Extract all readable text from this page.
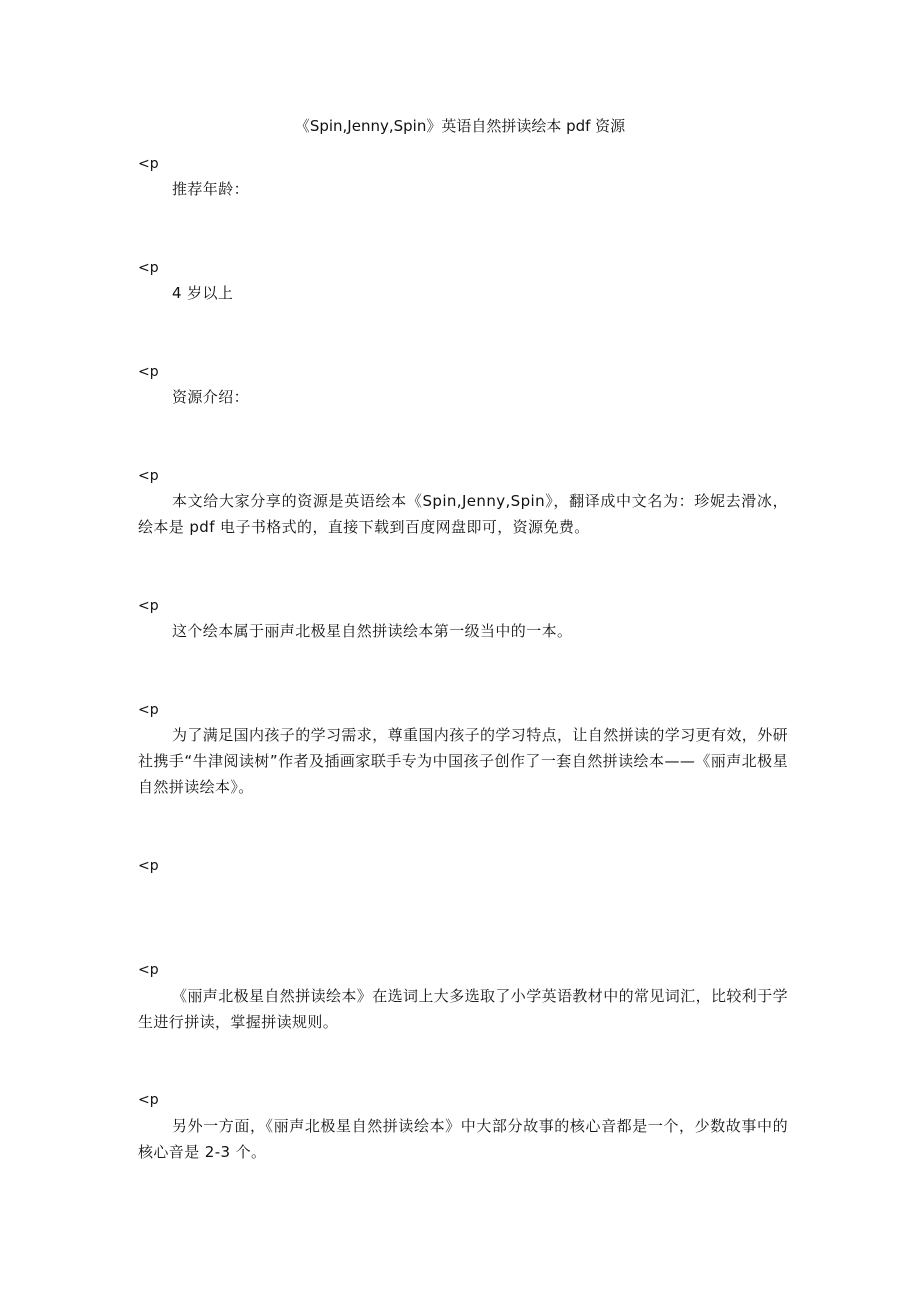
《Spin,Jenny,Spin》英语自然拼读绘本 pdf 资源
<p
推荐年龄：
<p
4 岁以上
<p
资源介绍：
<p
本文给大家分享的资源是英语绘本《Spin,Jenny,Spin》，翻译成中文名为：珍妮去滑冰，绘本是 pdf 电子书格式的，直接下载到百度网盘即可，资源免费。
<p
这个绘本属于丽声北极星自然拼读绘本第一级当中的一本。
<p
为了满足国内孩子的学习需求，尊重国内孩子的学习特点，让自然拼读的学习更有效，外研社携手“牛津阅读树”作者及插画家联手专为中国孩子创作了一套自然拼读绘本——《丽声北极星自然拼读绘本》。
<p
<p
《丽声北极星自然拼读绘本》在选词上大多选取了小学英语教材中的常见词汇，比较利于学生进行拼读，掌握拼读规则。
<p
另外一方面，《丽声北极星自然拼读绘本》中大部分故事的核心音都是一个，少数故事中的核心音是 2-3 个。
